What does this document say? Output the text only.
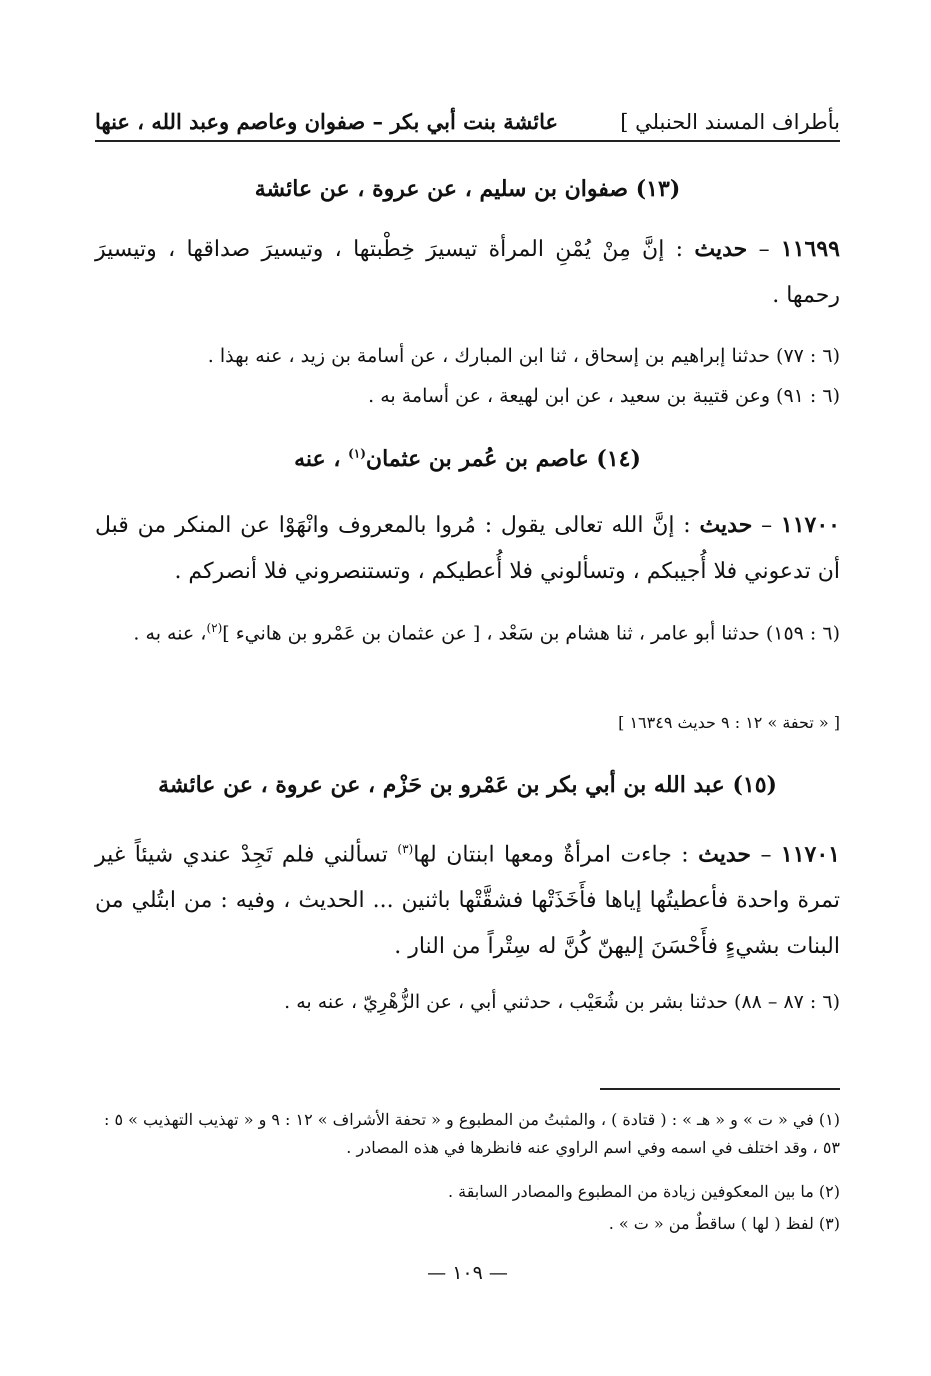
بأطراف المسند الحنبلي ]
عائشة بنت أبي بكر – صفوان وعاصم وعبد الله ، عنها
(١٣) صفوان بن سليم ، عن عروة ، عن عائشة
١١٦٩٩ – حديث : إنَّ مِنْ يُمْنِ المرأة تيسيرَ خِطْبتها ، وتيسيرَ صداقها ، وتيسيرَ رحمها .
(٦ : ٧٧) حدثنا إبراهيم بن إسحاق ، ثنا ابن المبارك ، عن أسامة بن زيد ، عنه بهذا .
(٦ : ٩١) وعن قتيبة بن سعيد ، عن ابن لهيعة ، عن أسامة به .
(١٤) عاصم بن عُمر بن عثمان$^{(١)}$ ، عنه
١١٧٠٠ – حديث : إنَّ الله تعالى يقول : مُروا بالمعروف وانْهَوْا عن المنكر من قبل أن تدعوني فلا أُجيبكم ، وتسألوني فلا أُعطيكم ، وتستنصروني فلا أنصركم .
(٦ : ١٥٩) حدثنا أبو عامر ، ثنا هشام بن سَعْد ، [ عن عثمان بن عَمْرو بن هانيء ]$^{(٢)}$، عنه به .
[ « تحفة » ١٢ : ٩ حديث ١٦٣٤٩ ]
(١٥) عبد الله بن أبي بكر بن عَمْرو بن حَزْم ، عن عروة ، عن عائشة
١١٧٠١ – حديث : جاءت امرأةٌ ومعها ابنتان لها$^{(٣)}$ تسألني فلم تَجِدْ عندي شيئاً غير تمرة واحدة فأعطيتُها إياها فأَخَذَتْها فشقَّتْها باثنين ... الحديث ، وفيه : من ابتُلي من البنات بشيءٍ فأَحْسَنَ إليهنّ كُنَّ له سِتْراً من النار .
(٦ : ٨٧ – ٨٨) حدثنا بشر بن شُعَيْب ، حدثني أبي ، عن الزُّهْرِيّ ، عنه به .
(١) في « ت » و « هـ » : ( قتادة ) ، والمثبتُ من المطبوع و « تحفة الأشراف » ١٢ : ٩ و « تهذيب التهذيب » ٥ : ٥٣ ، وقد اختلف في اسمه وفي اسم الراوي عنه فانظرها في هذه المصادر .
(٢) ما بين المعكوفين زيادة من المطبوع والمصادر السابقة .
(٣) لفظ ( لها ) ساقطٌ من « ت » .
— ١٠٩ —
